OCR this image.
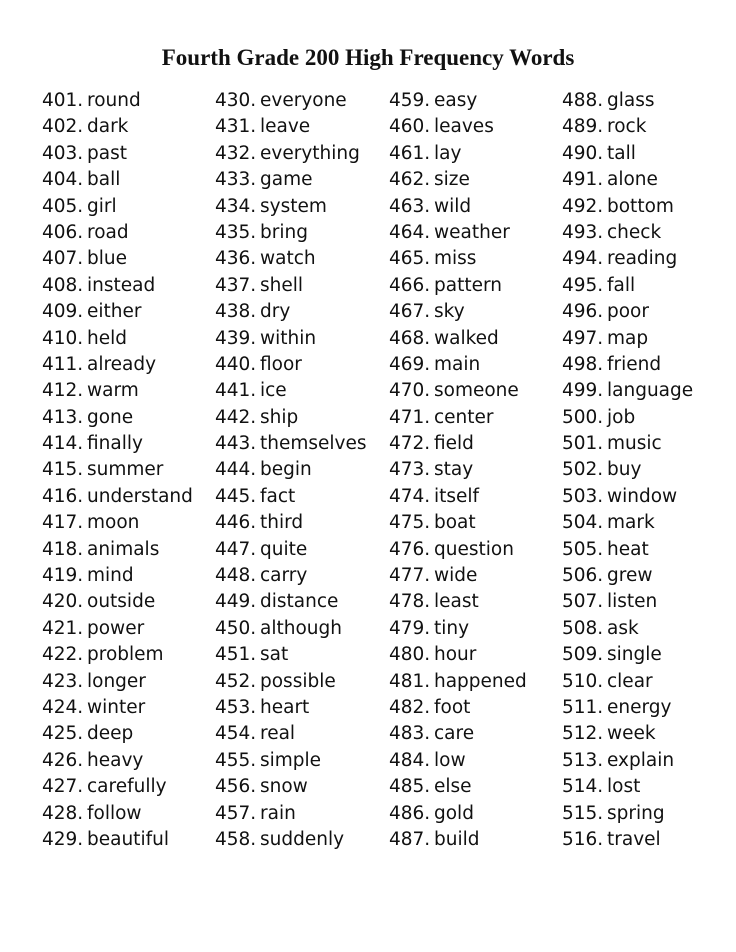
Fourth Grade 200 High Frequency Words
401. round
402. dark
403. past
404. ball
405. girl
406. road
407. blue
408. instead
409. either
410. held
411. already
412. warm
413. gone
414. finally
415. summer
416. understand
417. moon
418. animals
419. mind
420. outside
421. power
422. problem
423. longer
424. winter
425. deep
426. heavy
427. carefully
428. follow
429. beautiful
430. everyone
431. leave
432. everything
433. game
434. system
435. bring
436. watch
437. shell
438. dry
439. within
440. floor
441. ice
442. ship
443. themselves
444. begin
445. fact
446. third
447. quite
448. carry
449. distance
450. although
451. sat
452. possible
453. heart
454. real
455. simple
456. snow
457. rain
458. suddenly
459. easy
460. leaves
461. lay
462. size
463. wild
464. weather
465. miss
466. pattern
467. sky
468. walked
469. main
470. someone
471. center
472. field
473. stay
474. itself
475. boat
476. question
477. wide
478. least
479. tiny
480. hour
481. happened
482. foot
483. care
484. low
485. else
486. gold
487. build
488. glass
489. rock
490. tall
491. alone
492. bottom
493. check
494. reading
495. fall
496. poor
497. map
498. friend
499. language
500. job
501. music
502. buy
503. window
504. mark
505. heat
506. grew
507. listen
508. ask
509. single
510. clear
511. energy
512. week
513. explain
514. lost
515. spring
516. travel
